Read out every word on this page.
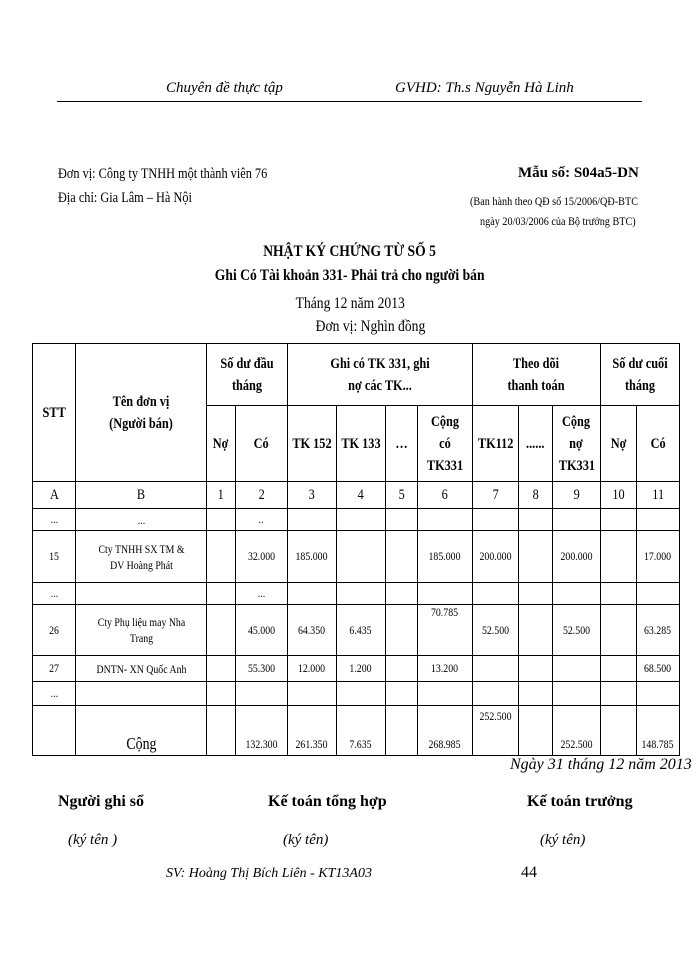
Chuyên đề thực tập	GVHD: Th.s Nguyễn Hà Linh
Đơn vị: Công ty TNHH một thành viên 76
Địa chỉ: Gia Lâm – Hà Nội
Mẫu số: S04a5-DN
(Ban hành theo QĐ số 15/2006/QĐ-BTC
ngày 20/03/2006 của Bộ trưởng BTC)
NHẬT KÝ CHỨNG TỪ SỐ 5
Ghi Có Tài khoản 331- Phải trả cho người bán
Tháng 12 năm 2013
Đơn vị: Nghìn đồng
STT	Tên đơn vị (Người bán)	Số dư đầu tháng		Ghi có TK 331, ghi nợ các TK...				Theo dõi thanh toán			Số dư cuối tháng	
		Nợ	Có	TK 152	TK 133	…	Cộng có TK331	TK112	......	Cộng nợ TK331	Nợ	Có
A	B	1	2	3	4	5	6	7	8	9	10	11
...	...		..									
15	Cty TNHH SX TM & DV Hoàng Phát		32.000	185.000			185.000	200.000		200.000		17.000
...			...									
26	Cty Phụ liệu may Nha Trang		45.000	64.350	6.435		70.785	52.500		52.500		63.285
27	DNTN- XN Quốc Anh		55.300	12.000	1.200		13.200					68.500
...												
	Cộng		132.300	261.350	7.635		268.985	252.500		252.500		148.785
Ngày 31 tháng 12 năm 2013
Người ghi sổ
(ký tên )
Kế toán tổng hợp
(ký tên)
Kế toán trưởng
(ký tên)
SV: Hoàng Thị Bích Liên - KT13A03	44
